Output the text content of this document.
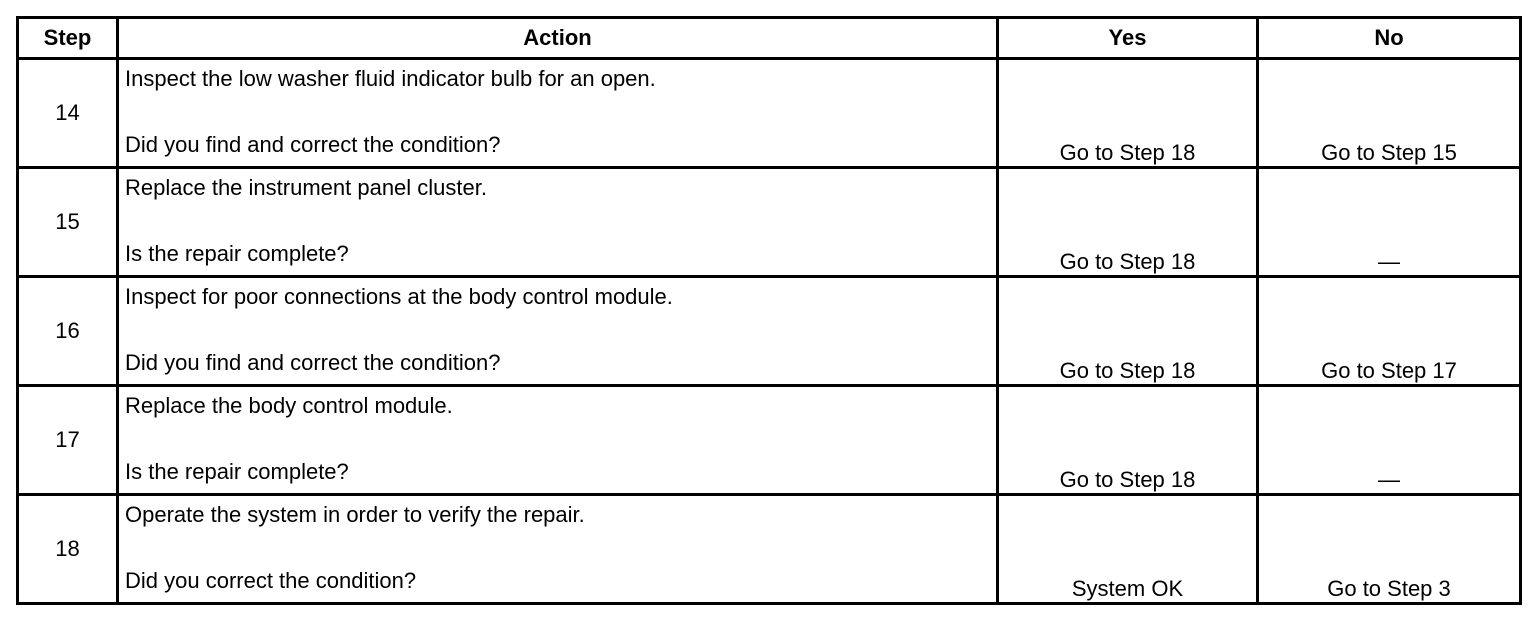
Step	Action	Yes	No
14	Inspect the low washer fluid indicator bulb for an open.
Did you find and correct the condition?	Go to Step 18	Go to Step 15
15	Replace the instrument panel cluster.
Is the repair complete?	Go to Step 18	—
16	Inspect for poor connections at the body control module.
Did you find and correct the condition?	Go to Step 18	Go to Step 17
17	Replace the body control module.
Is the repair complete?	Go to Step 18	—
18	Operate the system in order to verify the repair.
Did you correct the condition?	System OK	Go to Step 3
